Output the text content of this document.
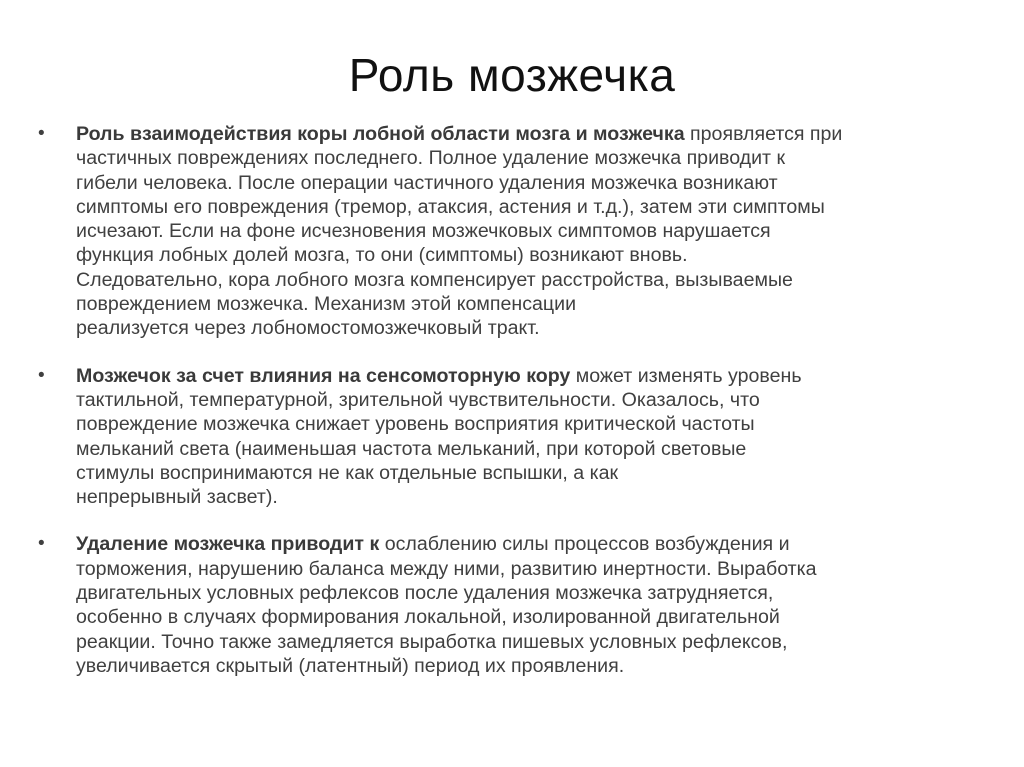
Роль мозжечка
• Роль взаимодействия коры лобной области мозга и мозжечка проявляется при
частичных повреждениях последнего. Полное удаление мозжечка приводит к
гибели человека. После операции частичного удаления мозжечка возникают
симптомы его повреждения (тремор, атаксия, астения и т.д.), затем эти симптомы
исчезают. Если на фоне исчезновения мозжечковых симптомов нарушается
функция лобных долей мозга, то они (симптомы) возникают вновь.
Следовательно, кора лобного мозга компенсирует расстройства, вызываемые
повреждением мозжечка. Механизм этой компенсации
реализуется через лобномостомозжечковый тракт.
• Мозжечок за счет влияния на сенсомоторную кору может изменять уровень
тактильной, температурной, зрительной чувствительности. Оказалось, что
повреждение мозжечка снижает уровень восприятия критической частоты
мельканий света (наименьшая частота мельканий, при которой световые
стимулы воспринимаются не как отдельные вспышки, а как
непрерывный засвет).
• Удаление мозжечка приводит к ослаблению силы процессов возбуждения и
торможения, нарушению баланса между ними, развитию инертности. Выработка
двигательных условных рефлексов после удаления мозжечка затрудняется,
особенно в случаях формирования локальной, изолированной двигательной
реакции. Точно также замедляется выработка пишевых условных рефлексов,
увеличивается скрытый (латентный) период их проявления.
